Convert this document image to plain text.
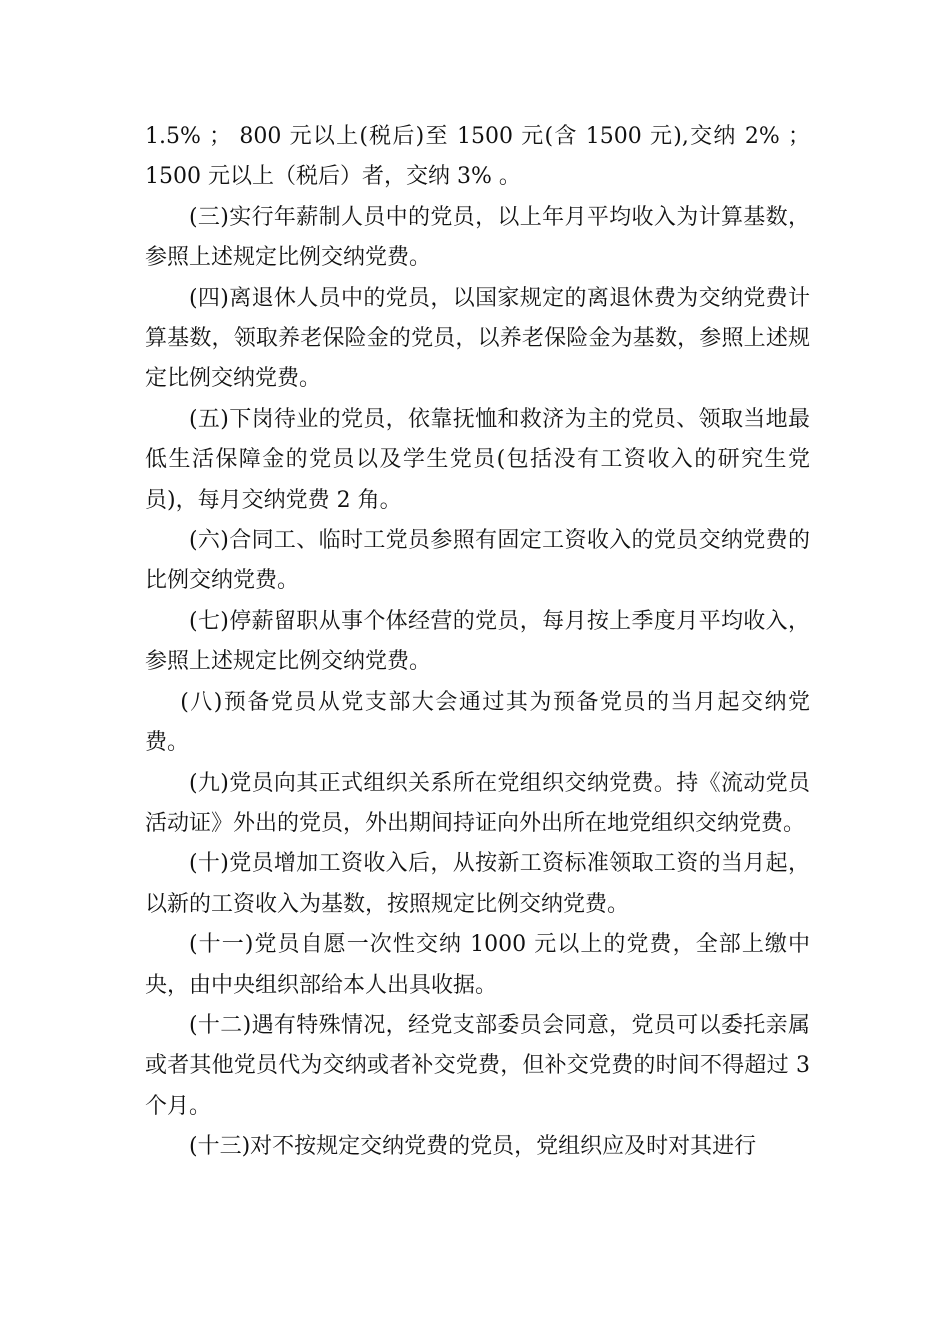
1.5% ； 800 元以上(税后)至 1500 元(含 1500 元),交纳 2% ； 1500 元以上（税后）者，交纳 3% 。

(三)实行年薪制人员中的党员，以上年月平均收入为计算基数，参照上述规定比例交纳党费。

(四)离退休人员中的党员，以国家规定的离退休费为交纳党费计算基数，领取养老保险金的党员，以养老保险金为基数，参照上述规定比例交纳党费。

(五)下岗待业的党员，依靠抚恤和救济为主的党员、领取当地最低生活保障金的党员以及学生党员(包括没有工资收入的研究生党员)，每月交纳党费 2 角。

(六)合同工、临时工党员参照有固定工资收入的党员交纳党费的比例交纳党费。

(七)停薪留职从事个体经营的党员，每月按上季度月平均收入，参照上述规定比例交纳党费。

(八)预备党员从党支部大会通过其为预备党员的当月起交纳党费。

(九)党员向其正式组织关系所在党组织交纳党费。持《流动党员活动证》外出的党员，外出期间持证向外出所在地党组织交纳党费。

(十)党员增加工资收入后，从按新工资标准领取工资的当月起，以新的工资收入为基数，按照规定比例交纳党费。

(十一)党员自愿一次性交纳 1000 元以上的党费，全部上缴中央，由中央组织部给本人出具收据。

(十二)遇有特殊情况，经党支部委员会同意，党员可以委托亲属或者其他党员代为交纳或者补交党费，但补交党费的时间不得超过 3 个月。

(十三)对不按规定交纳党费的党员，党组织应及时对其进行
